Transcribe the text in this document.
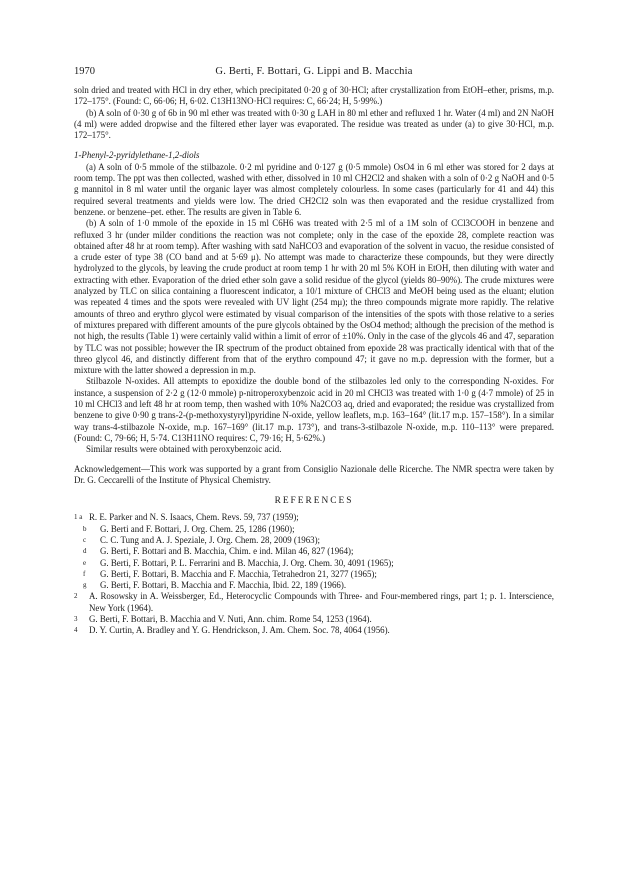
1970	G. Berti, F. Bottari, G. Lippi and B. Macchia

soln dried and treated with HCl in dry ether, which precipitated 0·20 g of 30·HCl; after crystallization from EtOH–ether, prisms, m.p. 172–175°. (Found: C, 66·06; H, 6·02. C13H13NO·HCl requires: C, 66·24; H, 5·99%.)

(b) A soln of 0·30 g of 6b in 90 ml ether was treated with 0·30 g LAH in 80 ml ether and refluxed 1 hr. Water (4 ml) and 2N NaOH (4 ml) were added dropwise and the filtered ether layer was evaporated. The residue was treated as under (a) to give 30·HCl, m.p. 172–175°.

1-Phenyl-2-pyridylethane-1,2-diols

(a) A soln of 0·5 mmole of the stilbazole. 0·2 ml pyridine and 0·127 g (0·5 mmole) OsO4 in 6 ml ether was stored for 2 days at room temp. The ppt was then collected, washed with ether, dissolved in 10 ml CH2Cl2 and shaken with a soln of 0·2 g NaOH and 0·5 g mannitol in 8 ml water until the organic layer was almost completely colourless. In some cases (particularly for 41 and 44) this required several treatments and yields were low. The dried CH2Cl2 soln was then evaporated and the residue crystallized from benzene. or benzene–pet. ether. The results are given in Table 6.

(b) A soln of 1·0 mmole of the epoxide in 15 ml C6H6 was treated with 2·5 ml of a 1M soln of CCl3COOH in benzene and refluxed 3 hr (under milder conditions the reaction was not complete; only in the case of the epoxide 28, complete reaction was obtained after 48 hr at room temp). After washing with satd NaHCO3 and evaporation of the solvent in vacuo, the residue consisted of a crude ester of type 38 (CO band and at 5·69 μ). No attempt was made to characterize these compounds, but they were directly hydrolyzed to the glycols, by leaving the crude product at room temp 1 hr with 20 ml 5% KOH in EtOH, then diluting with water and extracting with ether. Evaporation of the dried ether soln gave a solid residue of the glycol (yields 80–90%). The crude mixtures were analyzed by TLC on silica containing a fluorescent indicator, a 10/1 mixture of CHCl3 and MeOH being used as the eluant; elution was repeated 4 times and the spots were revealed with UV light (254 mμ); the threo compounds migrate more rapidly. The relative amounts of threo and erythro glycol were estimated by visual comparison of the intensities of the spots with those relative to a series of mixtures prepared with different amounts of the pure glycols obtained by the OsO4 method; although the precision of the method is not high, the results (Table 1) were certainly valid within a limit of error of ±10%. Only in the case of the glycols 46 and 47, separation by TLC was not possible; however the IR spectrum of the product obtained from epoxide 28 was practically identical with that of the threo glycol 46, and distinctly different from that of the erythro compound 47; it gave no m.p. depression with the former, but a mixture with the latter showed a depression in m.p.

Stilbazole N-oxides. All attempts to epoxidize the double bond of the stilbazoles led only to the corresponding N-oxides. For instance, a suspension of 2·2 g (12·0 mmole) p-nitroperoxybenzoic acid in 20 ml CHCl3 was treated with 1·0 g (4·7 mmole) of 25 in 10 ml CHCl3 and left 48 hr at room temp, then washed with 10% Na2CO3 aq, dried and evaporated; the residue was crystallized from benzene to give 0·90 g trans-2-(p-methoxystyryl)pyridine N-oxide, yellow leaflets, m.p. 163–164° (lit.17 m.p. 157–158°). In a similar way trans-4-stilbazole N-oxide, m.p. 167–169° (lit.17 m.p. 173°), and trans-3-stilbazole N-oxide, m.p. 110–113° were prepared. (Found: C, 79·66; H, 5·74. C13H11NO requires: C, 79·16; H, 5·62%.)

Similar results were obtained with peroxybenzoic acid.

Acknowledgement—This work was supported by a grant from Consiglio Nazionale delle Ricerche. The NMR spectra were taken by Dr. G. Ceccarelli of the Institute of Physical Chemistry.

REFERENCES

1 a R. E. Parker and N. S. Isaacs, Chem. Revs. 59, 737 (1959);

b G. Berti and F. Bottari, J. Org. Chem. 25, 1286 (1960);

c C. C. Tung and A. J. Speziale, J. Org. Chem. 28, 2009 (1963);

d G. Berti, F. Bottari and B. Macchia, Chim. e ind. Milan 46, 827 (1964);

e G. Berti, F. Bottari, P. L. Ferrarini and B. Macchia, J. Org. Chem. 30, 4091 (1965);

f G. Berti, F. Bottari, B. Macchia and F. Macchia, Tetrahedron 21, 3277 (1965);

g G. Berti, F. Bottari, B. Macchia and F. Macchia, Ibid. 22, 189 (1966).

2 A. Rosowsky in A. Weissberger, Ed., Heterocyclic Compounds with Three- and Four-membered rings, part 1; p. 1. Interscience, New York (1964).

3 G. Berti, F. Bottari, B. Macchia and V. Nuti, Ann. chim. Rome 54, 1253 (1964).

4 D. Y. Curtin, A. Bradley and Y. G. Hendrickson, J. Am. Chem. Soc. 78, 4064 (1956).
